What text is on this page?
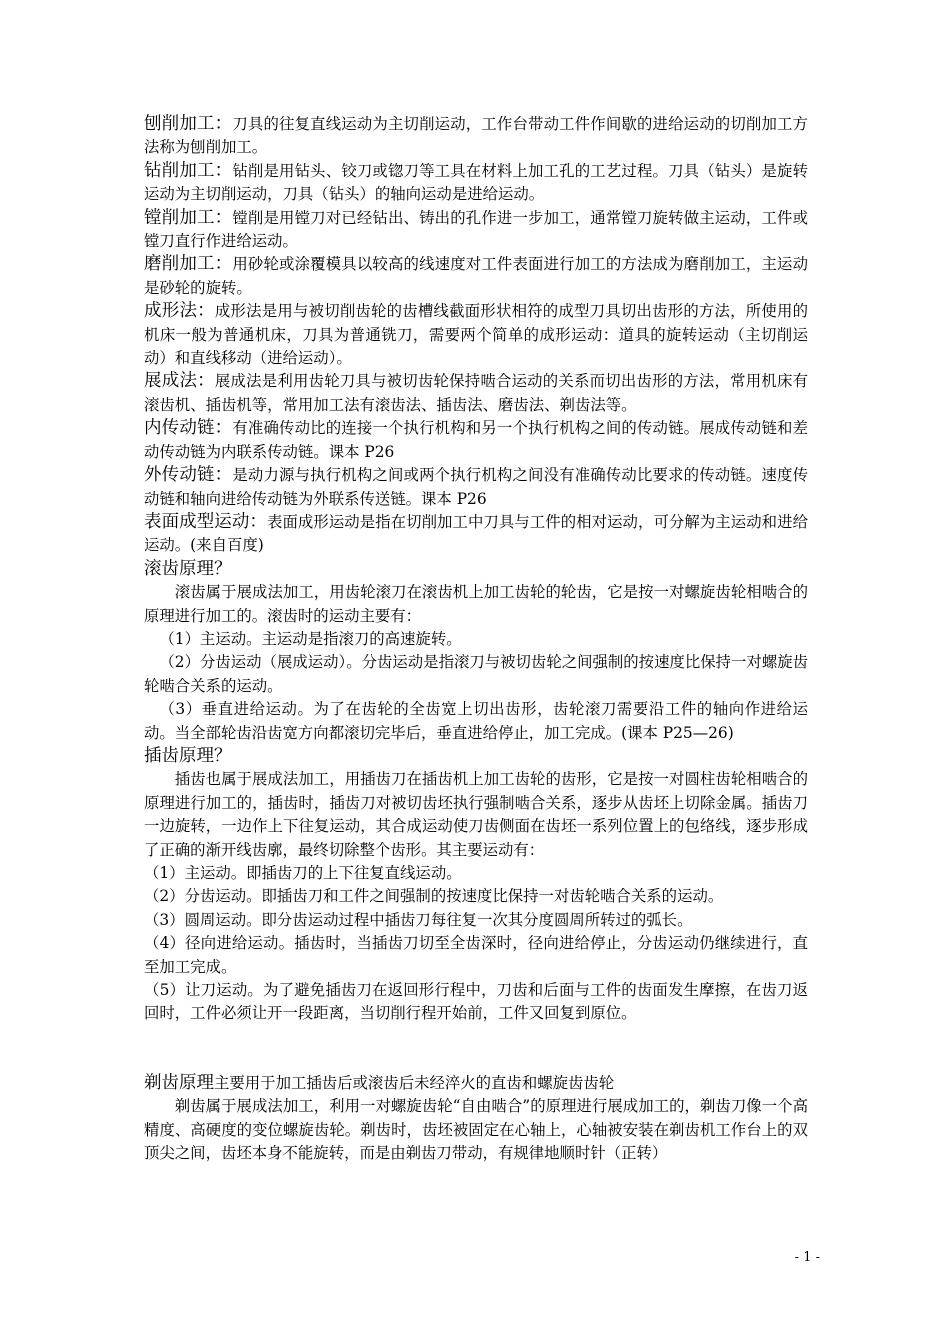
刨削加工：刀具的往复直线运动为主切削运动，工作台带动工件作间歇的进给运动的切削加工方法称为刨削加工。

钻削加工：钻削是用钻头、铰刀或锪刀等工具在材料上加工孔的工艺过程。刀具（钻头）是旋转运动为主切削运动，刀具（钻头）的轴向运动是进给运动。

镗削加工：镗削是用镗刀对已经钻出、铸出的孔作进一步加工，通常镗刀旋转做主运动，工件或镗刀直行作进给运动。

磨削加工：用砂轮或涂覆模具以较高的线速度对工件表面进行加工的方法成为磨削加工，主运动是砂轮的旋转。

成形法：成形法是用与被切削齿轮的齿槽线截面形状相符的成型刀具切出齿形的方法，所使用的机床一般为普通机床，刀具为普通铣刀，需要两个简单的成形运动：道具的旋转运动（主切削运动）和直线移动（进给运动）。

展成法：展成法是利用齿轮刀具与被切齿轮保持啮合运动的关系而切出齿形的方法，常用机床有滚齿机、插齿机等，常用加工法有滚齿法、插齿法、磨齿法、剃齿法等。

内传动链：有准确传动比的连接一个执行机构和另一个执行机构之间的传动链。展成传动链和差动传动链为内联系传动链。课本 P26

外传动链：是动力源与执行机构之间或两个执行机构之间没有准确传动比要求的传动链。速度传动链和轴向进给传动链为外联系传送链。课本 P26

表面成型运动：表面成形运动是指在切削加工中刀具与工件的相对运动，可分解为主运动和进给运动。(来自百度)

滚齿原理？

滚齿属于展成法加工，用齿轮滚刀在滚齿机上加工齿轮的轮齿，它是按一对螺旋齿轮相啮合的原理进行加工的。滚齿时的运动主要有：

（1）主运动。主运动是指滚刀的高速旋转。

（2）分齿运动（展成运动）。分齿运动是指滚刀与被切齿轮之间强制的按速度比保持一对螺旋齿轮啮合关系的运动。

（3）垂直进给运动。为了在齿轮的全齿宽上切出齿形，齿轮滚刀需要沿工件的轴向作进给运动。当全部轮齿沿齿宽方向都滚切完毕后，垂直进给停止，加工完成。(课本 P25—26)

插齿原理？

插齿也属于展成法加工，用插齿刀在插齿机上加工齿轮的齿形，它是按一对圆柱齿轮相啮合的原理进行加工的，插齿时，插齿刀对被切齿坯执行强制啮合关系，逐步从齿坯上切除金属。插齿刀一边旋转，一边作上下往复运动，其合成运动使刀齿侧面在齿坯一系列位置上的包络线，逐步形成了正确的渐开线齿廓，最终切除整个齿形。其主要运动有：

（1）主运动。即插齿刀的上下往复直线运动。

（2）分齿运动。即插齿刀和工件之间强制的按速度比保持一对齿轮啮合关系的运动。

（3）圆周运动。即分齿运动过程中插齿刀每往复一次其分度圆周所转过的弧长。

（4）径向进给运动。插齿时，当插齿刀切至全齿深时，径向进给停止，分齿运动仍继续进行，直至加工完成。

（5）让刀运动。为了避免插齿刀在返回形行程中，刀齿和后面与工件的齿面发生摩擦，在齿刀返回时，工件必须让开一段距离，当切削行程开始前，工件又回复到原位。

剃齿原理主要用于加工插齿后或滚齿后未经淬火的直齿和螺旋齿齿轮

剃齿属于展成法加工，利用一对螺旋齿轮“自由啮合”的原理进行展成加工的，剃齿刀像一个高精度、高硬度的变位螺旋齿轮。剃齿时，齿坯被固定在心轴上，心轴被安装在剃齿机工作台上的双顶尖之间，齿坯本身不能旋转，而是由剃齿刀带动，有规律地顺时针（正转）

- 1 -
